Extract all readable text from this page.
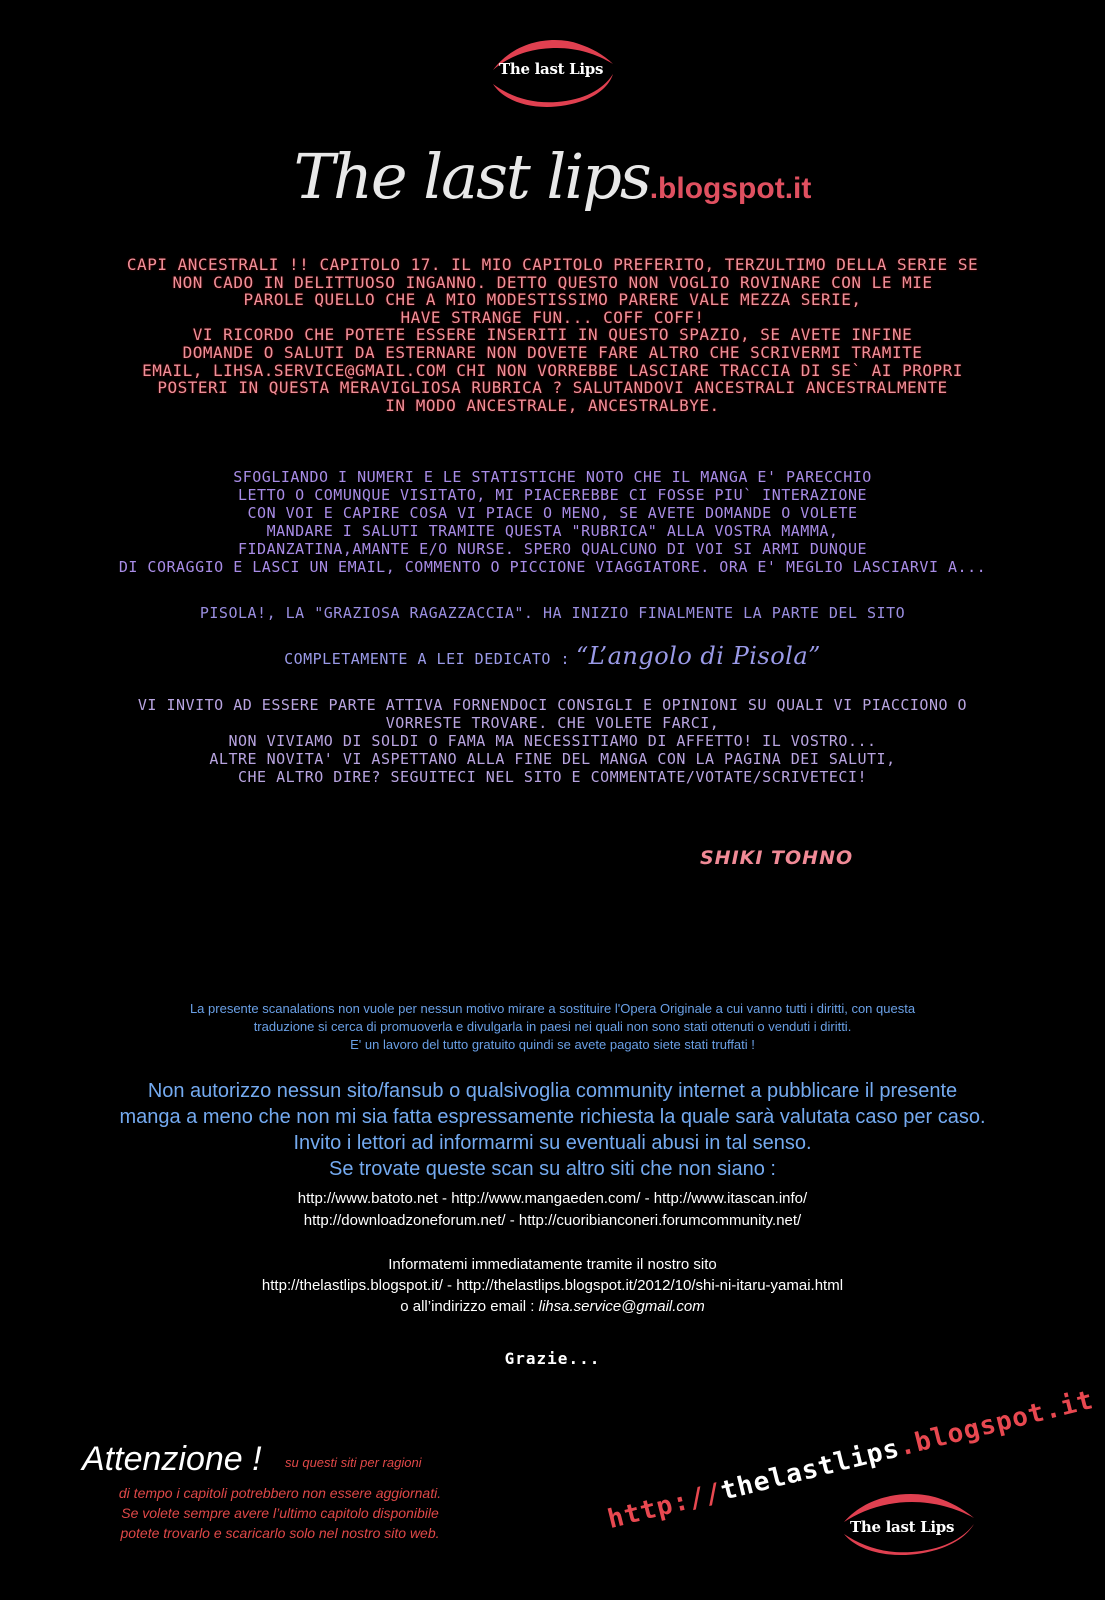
The last Lips
The last lips.blogspot.it
CAPI ANCESTRALI !! CAPITOLO 17. IL MIO CAPITOLO PREFERITO, TERZULTIMO DELLA SERIE SE
NON CADO IN DELITTUOSO INGANNO. DETTO QUESTO NON VOGLIO ROVINARE CON LE MIE
PAROLE QUELLO CHE A MIO MODESTISSIMO PARERE VALE MEZZA SERIE,
HAVE STRANGE FUN... COFF COFF!
VI RICORDO CHE POTETE ESSERE INSERITI IN QUESTO SPAZIO, SE AVETE INFINE
DOMANDE O SALUTI DA ESTERNARE NON DOVETE FARE ALTRO CHE SCRIVERMI TRAMITE
EMAIL, LIHSA.SERVICE@GMAIL.COM CHI NON VORREBBE LASCIARE TRACCIA DI SE` AI PROPRI
POSTERI IN QUESTA MERAVIGLIOSA RUBRICA ? SALUTANDOVI ANCESTRALI ANCESTRALMENTE
IN MODO ANCESTRALE, ANCESTRALBYE.
SFOGLIANDO I NUMERI E LE STATISTICHE NOTO CHE IL MANGA E' PARECCHIO
LETTO O COMUNQUE VISITATO, MI PIACEREBBE CI FOSSE PIU` INTERAZIONE
CON VOI E CAPIRE COSA VI PIACE O MENO, SE AVETE DOMANDE O VOLETE
MANDARE I SALUTI TRAMITE QUESTA "RUBRICA" ALLA VOSTRA MAMMA,
FIDANZATINA,AMANTE E/O NURSE. SPERO QUALCUNO DI VOI SI ARMI DUNQUE
DI CORAGGIO E LASCI UN EMAIL, COMMENTO O PICCIONE VIAGGIATORE. ORA E' MEGLIO LASCIARVI A...
PISOLA!, LA "GRAZIOSA RAGAZZACCIA". HA INIZIO FINALMENTE LA PARTE DEL SITO
COMPLETAMENTE A LEI DEDICATO : “L’angolo di Pisola”
VI INVITO AD ESSERE PARTE ATTIVA FORNENDOCI CONSIGLI E OPINIONI SU QUALI VI PIACCIONO O
VORRESTE TROVARE. CHE VOLETE FARCI,
NON VIVIAMO DI SOLDI O FAMA MA NECESSITIAMO DI AFFETTO! IL VOSTRO...
ALTRE NOVITA' VI ASPETTANO ALLA FINE DEL MANGA CON LA PAGINA DEI SALUTI,
CHE ALTRO DIRE? SEGUITECI NEL SITO E COMMENTATE/VOTATE/SCRIVETECI!
SHIKI TOHNO
La presente scanalations non vuole per nessun motivo mirare a sostituire l'Opera Originale a cui vanno tutti i diritti, con questa
traduzione si cerca di promuoverla e divulgarla in paesi nei quali non sono stati ottenuti o venduti i diritti.
E' un lavoro del tutto gratuito quindi se avete pagato siete stati truffati !
Non autorizzo nessun sito/fansub o qualsivoglia community internet a pubblicare il presente
manga a meno che non mi sia fatta espressamente richiesta la quale sarà valutata caso per caso.
Invito i lettori ad informarmi su eventuali abusi in tal senso.
Se trovate queste scan su altro siti che non siano :
http://www.batoto.net - http://www.mangaeden.com/ - http://www.itascan.info/
http://downloadzoneforum.net/ - http://cuoribianconeri.forumcommunity.net/
Informatemi immediatamente tramite il nostro sito
http://thelastlips.blogspot.it/ - http://thelastlips.blogspot.it/2012/10/shi-ni-itaru-yamai.html
o all’indirizzo email : lihsa.service@gmail.com
Grazie...
Attenzione ! su questi siti per ragioni
di tempo i capitoli potrebbero non essere aggiornati.
Se volete sempre avere l’ultimo capitolo disponibile
potete trovarlo e scaricarlo solo nel nostro sito web.	http://thelastlips.blogspot.it
The last Lips
